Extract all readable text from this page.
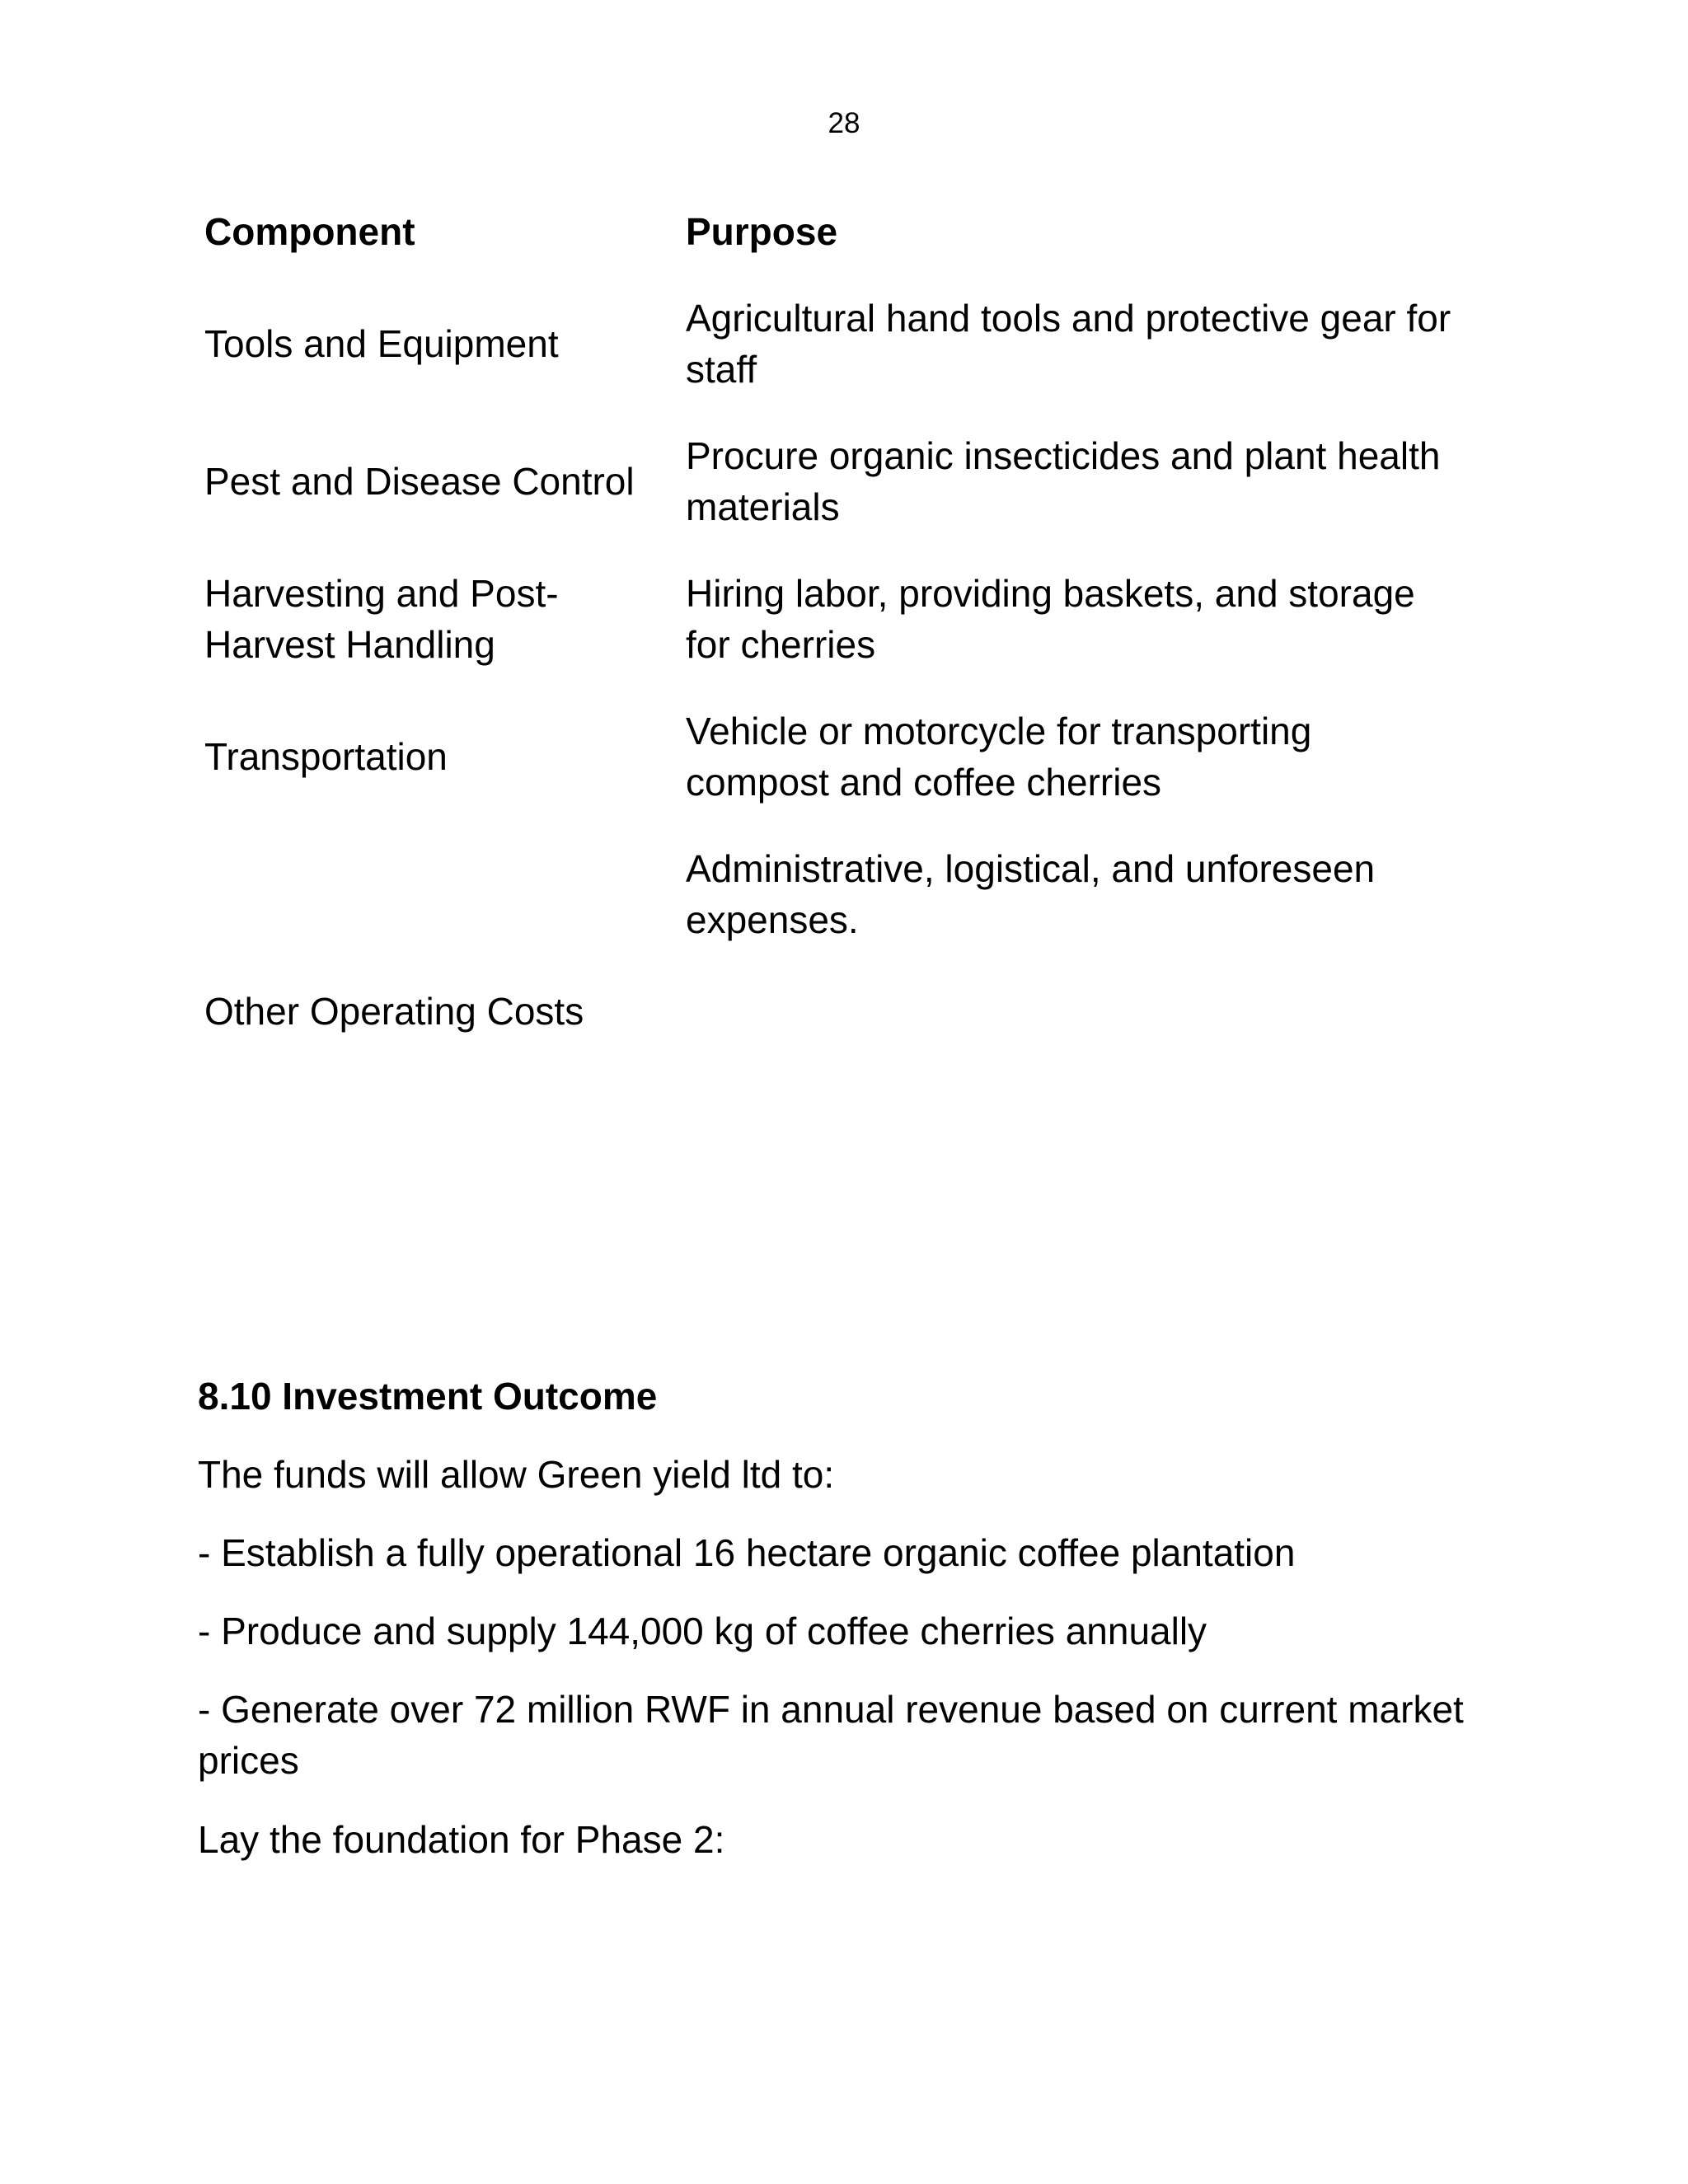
28
Component	Purpose
Tools and Equipment
Agricultural hand tools and protective gear for
staff
Pest and Disease Control
Procure organic insecticides and plant health
materials
Harvesting and Post-
Harvest Handling
Hiring labor, providing baskets, and storage
for cherries
Transportation
Vehicle or motorcycle for transporting
compost and coffee cherries
Other Operating Costs
Administrative, logistical, and unforeseen
expenses.
8.10 Investment Outcome
The funds will allow Green yield ltd to:
- Establish a fully operational 16 hectare organic coffee plantation
- Produce and supply 144,000 kg of coffee cherries annually
- Generate over 72 million RWF in annual revenue based on current market prices
Lay the foundation for Phase 2:
